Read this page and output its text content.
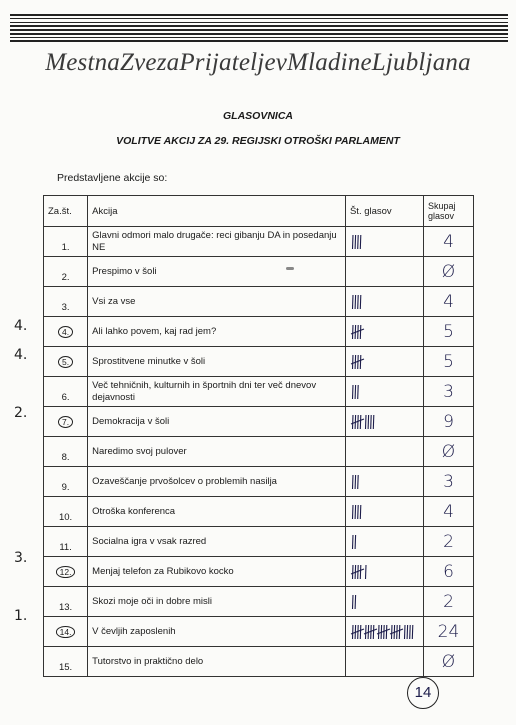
MestnaZvezaPrijateljevMladineLjubljana
GLASOVNICA
VOLITVE AKCIJ ZA 29. REGIJSKI OTROŠKI PARLAMENT
Predstavljene akcije so:
Za.št.	Akcija	Št. glasov	Skupaj glasov
1.	Glavni odmori malo drugače: reci gibanju DA in posedanju NE		4
2.	Prespimo v šoli		Ø
3.	Vsi za vse		4
4.	Ali lahko povem, kaj rad jem?		5
5.	Sprostitvene minutke v šoli		5
6.	Več tehničnih, kulturnih in športnih dni ter več dnevov dejavnosti		3
7.	Demokracija v šoli		9
8.	Naredimo svoj pulover		Ø
9.	Ozaveščanje prvošolcev o problemih nasilja		3
10.	Otroška konferenca		4
11.	Socialna igra v vsak razred		2
12.	Menjaj telefon za Rubikovo kocko		6
13.	Skozi moje oči in dobre misli		2
14.	V čevljih zaposlenih		24
15.	Tutorstvo in praktično delo		Ø
4.
4.
2.
3.
1.
14
